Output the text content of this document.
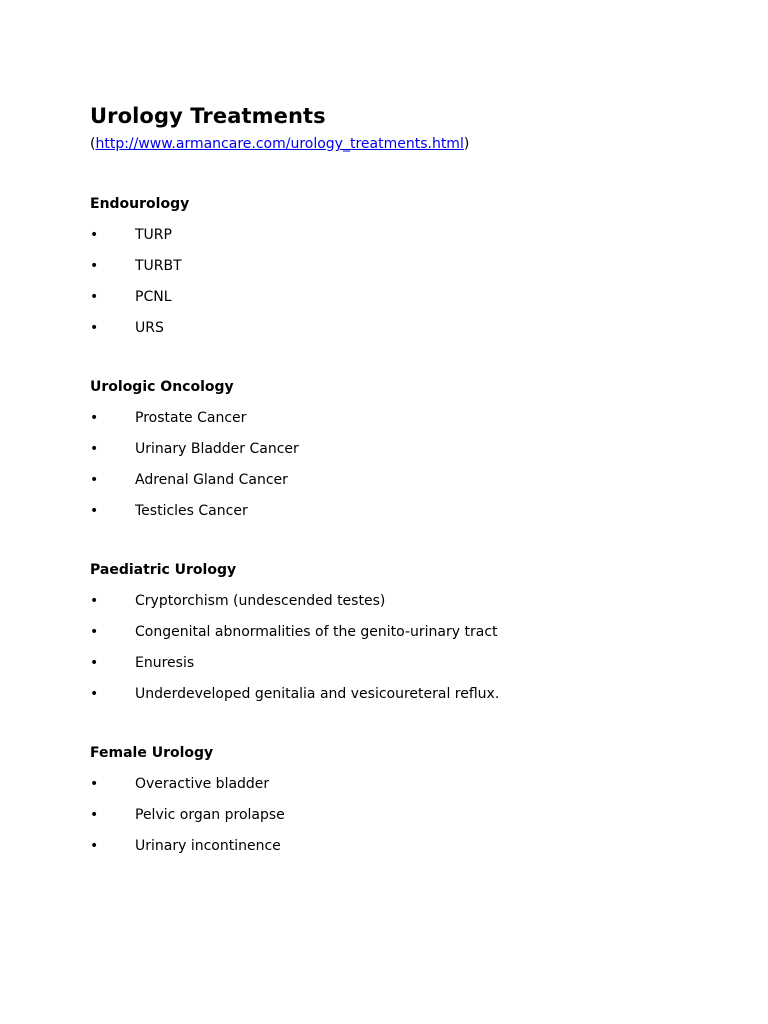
Urology Treatments
(http://www.armancare.com/urology_treatments.html)
Endourology
•	TURP
•	TURBT
•	PCNL
•	URS
Urologic Oncology
•	Prostate Cancer
•	Urinary Bladder Cancer
•	Adrenal Gland Cancer
•	Testicles Cancer
Paediatric Urology
•	Cryptorchism (undescended testes)
•	Congenital abnormalities of the genito-urinary tract
•	Enuresis
•	Underdeveloped genitalia and vesicoureteral reflux.
Female Urology
•	Overactive bladder
•	Pelvic organ prolapse
•	Urinary incontinence
